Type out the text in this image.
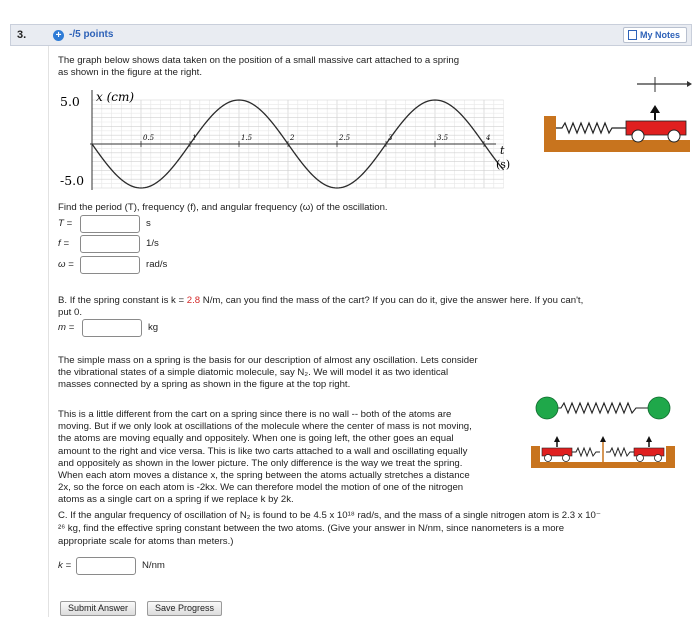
3.	+ -/5 points	My Notes

The graph below shows data taken on the position of a small massive cart attached to a spring

as shown in the figure at the right.

0.5	1	1.5	2	2.5	3	3.5	4
5.0
-5.0
x (cm)
t
(s)

Find the period (T), frequency (f), and angular frequency (ω) of the oscillation.

T =	s
f =	1/s
ω =	rad/s

B. If the spring constant is k = 2.8 N/m, can you find the mass of the cart? If you can do it, give the answer here. If you can't,

put 0.

m =	kg

The simple mass on a spring is the basis for our description of almost any oscillation. Lets consider

the vibrational states of a simple diatomic molecule, say N₂. We will model it as two identical

masses connected by a spring as shown in the figure at the top right.

This is a little different from the cart on a spring since there is no wall -- both of the atoms are

moving. But if we only look at oscillations of the molecule where the center of mass is not moving,

the atoms are moving equally and oppositely. When one is going left, the other goes an equal

amount to the right and vice versa. This is like two carts attached to a wall and oscillating equally

and oppositely as shown in the lower picture. The only difference is the way we treat the spring.

When each atom moves a distance x, the spring between the atoms actually stretches a distance

2x, so the force on each atom is -2kx. We can therefore model the motion of one of the nitrogen

atoms as a single cart on a spring if we replace k by 2k.

C. If the angular frequency of oscillation of N₂ is found to be 4.5 x 10¹⁸ rad/s, and the mass of a single nitrogen atom is 2.3 x 10⁻

²⁶ kg, find the effective spring constant between the two atoms. (Give your answer in N/nm, since nanometers is a more

appropriate scale for atoms than meters.)

k =	N/nm
Submit Answer	Save Progress
